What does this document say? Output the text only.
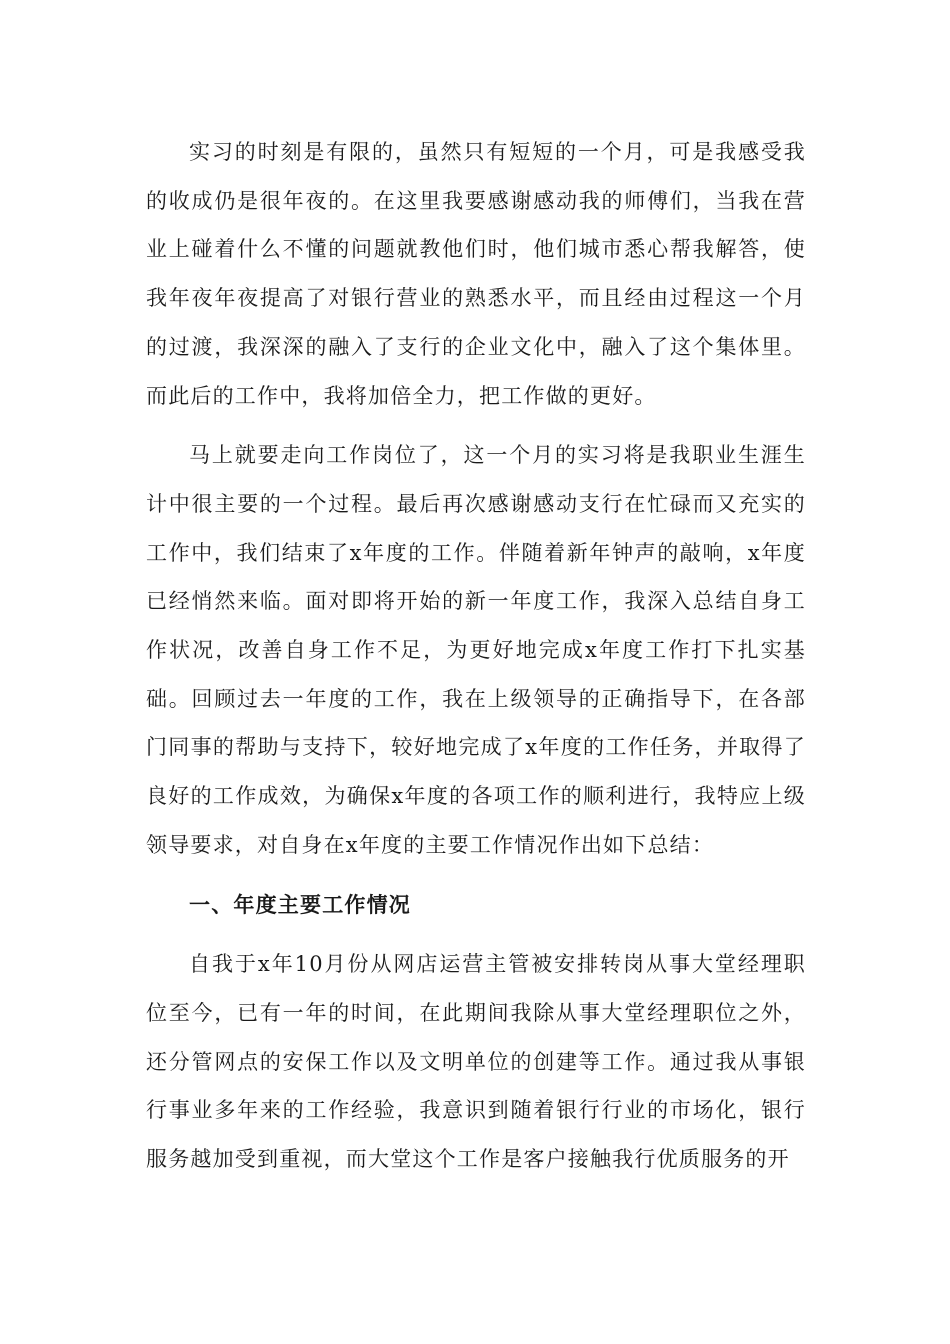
实习的时刻是有限的，虽然只有短短的一个月，可是我感受我的收成仍是很年夜的。在这里我要感谢感动我的师傅们，当我在营业上碰着什么不懂的问题就教他们时，他们城市悉心帮我解答，使我年夜年夜提高了对银行营业的熟悉水平，而且经由过程这一个月的过渡，我深深的融入了支行的企业文化中，融入了这个集体里。而此后的工作中，我将加倍全力，把工作做的更好。

马上就要走向工作岗位了，这一个月的实习将是我职业生涯生计中很主要的一个过程。最后再次感谢感动支行在忙碌而又充实的工作中，我们结束了x年度的工作。伴随着新年钟声的敲响，x年度已经悄然来临。面对即将开始的新一年度工作，我深入总结自身工作状况，改善自身工作不足，为更好地完成x年度工作打下扎实基础。回顾过去一年度的工作，我在上级领导的正确指导下，在各部门同事的帮助与支持下，较好地完成了x年度的工作任务，并取得了良好的工作成效，为确保x年度的各项工作的顺利进行，我特应上级领导要求，对自身在x年度的主要工作情况作出如下总结：

一、年度主要工作情况

自我于x年10月份从网店运营主管被安排转岗从事大堂经理职位至今，已有一年的时间，在此期间我除从事大堂经理职位之外，还分管网点的安保工作以及文明单位的创建等工作。通过我从事银行事业多年来的工作经验，我意识到随着银行行业的市场化，银行服务越加受到重视，而大堂这个工作是客户接触我行优质服务的开
